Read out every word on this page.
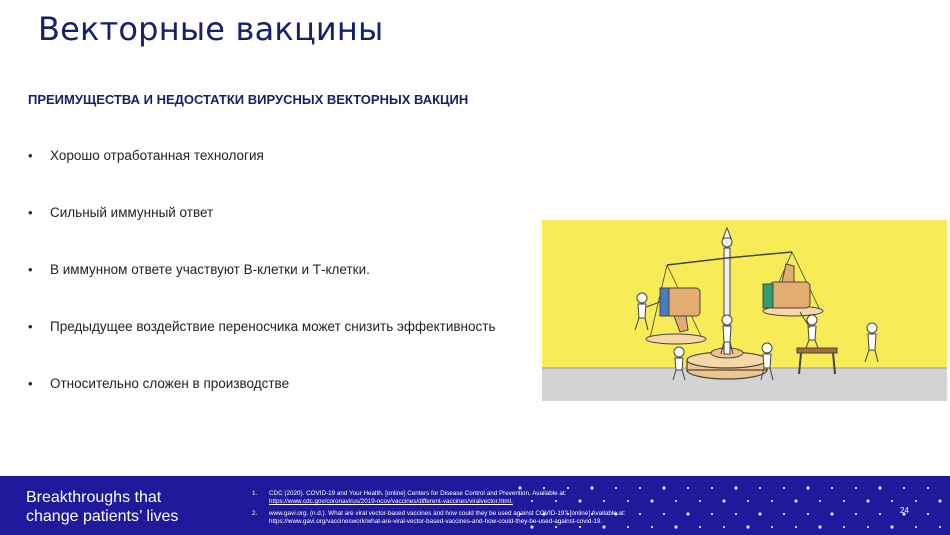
Векторные вакцины
ПРЕИМУЩЕСТВА И НЕДОСТАТКИ ВИРУСНЫХ ВЕКТОРНЫХ ВАКЦИН
• Хорошо отработанная технология
• Сильный иммунный ответ
• В иммунном ответе участвуют В-клетки и Т-клетки.
• Предыдущее воздействие переносчика может снизить эффективность
• Относительно сложен в производстве
Breakthroughs that
change patients’ lives
1. CDC (2020). COVID-19 and Your Health. [online] Centers for Disease Control and Prevention. Available at:
https://www.cdc.gov/coronavirus/2019-ncov/vaccines/different-vaccines/viralvector.html.
2. www.gavi.org. (n.d.). What are viral vector-based vaccines and how could they be used against COVID-19? [online] Available at:
https://www.gavi.org/vaccineswork/what-are-viral-vector-based-vaccines-and-how-could-they-be-used-against-covid-19.
24
